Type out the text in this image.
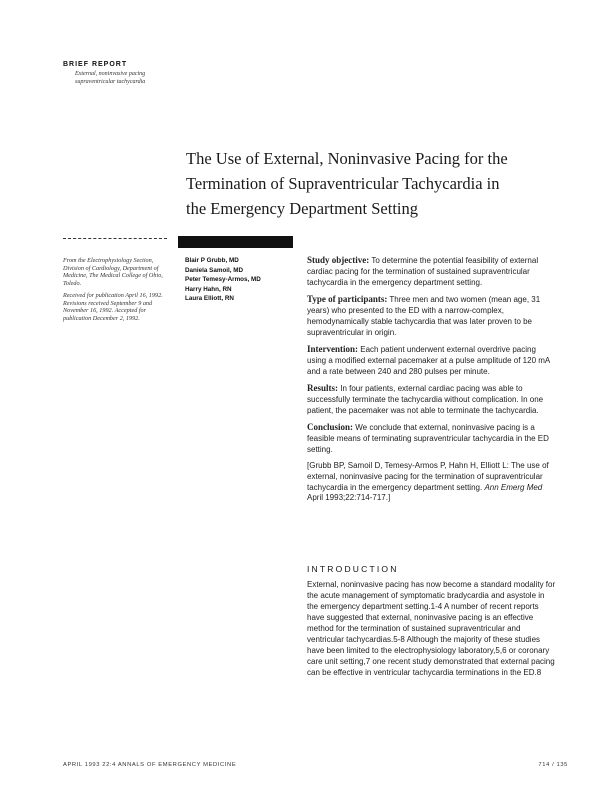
BRIEF REPORT
External, noninvasive pacing
supraventricular tachycardia
The Use of External, Noninvasive Pacing for the
Termination of Supraventricular Tachycardia in
the Emergency Department Setting

From the Electrophysiology Section, Division of Cardiology, Department of Medicine, The Medical College of Ohio, Toledo.

Received for publication April 16, 1992. Revisions received September 9 and November 16, 1992. Accepted for publication December 2, 1992.

Blair P Grubb, MD
Daniela Samoil, MD
Peter Temesy-Armos, MD
Harry Hahn, RN
Laura Elliott, RN

Study objective: To determine the potential feasibility of external cardiac pacing for the termination of sustained supraventricular tachycardia in the emergency department setting.

Type of participants: Three men and two women (mean age, 31 years) who presented to the ED with a narrow-complex, hemodynamically stable tachycardia that was later proven to be supraventricular in origin.

Intervention: Each patient underwent external overdrive pacing using a modified external pacemaker at a pulse amplitude of 120 mA and a rate between 240 and 280 pulses per minute.

Results: In four patients, external cardiac pacing was able to successfully terminate the tachycardia without complication. In one patient, the pacemaker was not able to terminate the tachycardia.

Conclusion: We conclude that external, noninvasive pacing is a feasible means of terminating supraventricular tachycardia in the ED setting.

[Grubb BP, Samoil D, Temesy-Armos P, Hahn H, Elliott L: The use of external, noninvasive pacing for the termination of supraventricular tachycardia in the emergency department setting. Ann Emerg Med April 1993;22:714-717.]

INTRODUCTION
External, noninvasive pacing has now become a standard modality for the acute management of symptomatic bradycardia and asystole in the emergency department setting.1-4 A number of recent reports have suggested that external, noninvasive pacing is an effective method for the termination of sustained supraventricular and ventricular tachycardias.5-8 Although the majority of these studies have been limited to the electrophysiology laboratory,5,6 or coronary care unit setting,7 one recent study demonstrated that external pacing can be effective in ventricular tachycardia terminations in the ED.8
APRIL 1993 22:4 ANNALS OF EMERGENCY MEDICINE	714 / 135
